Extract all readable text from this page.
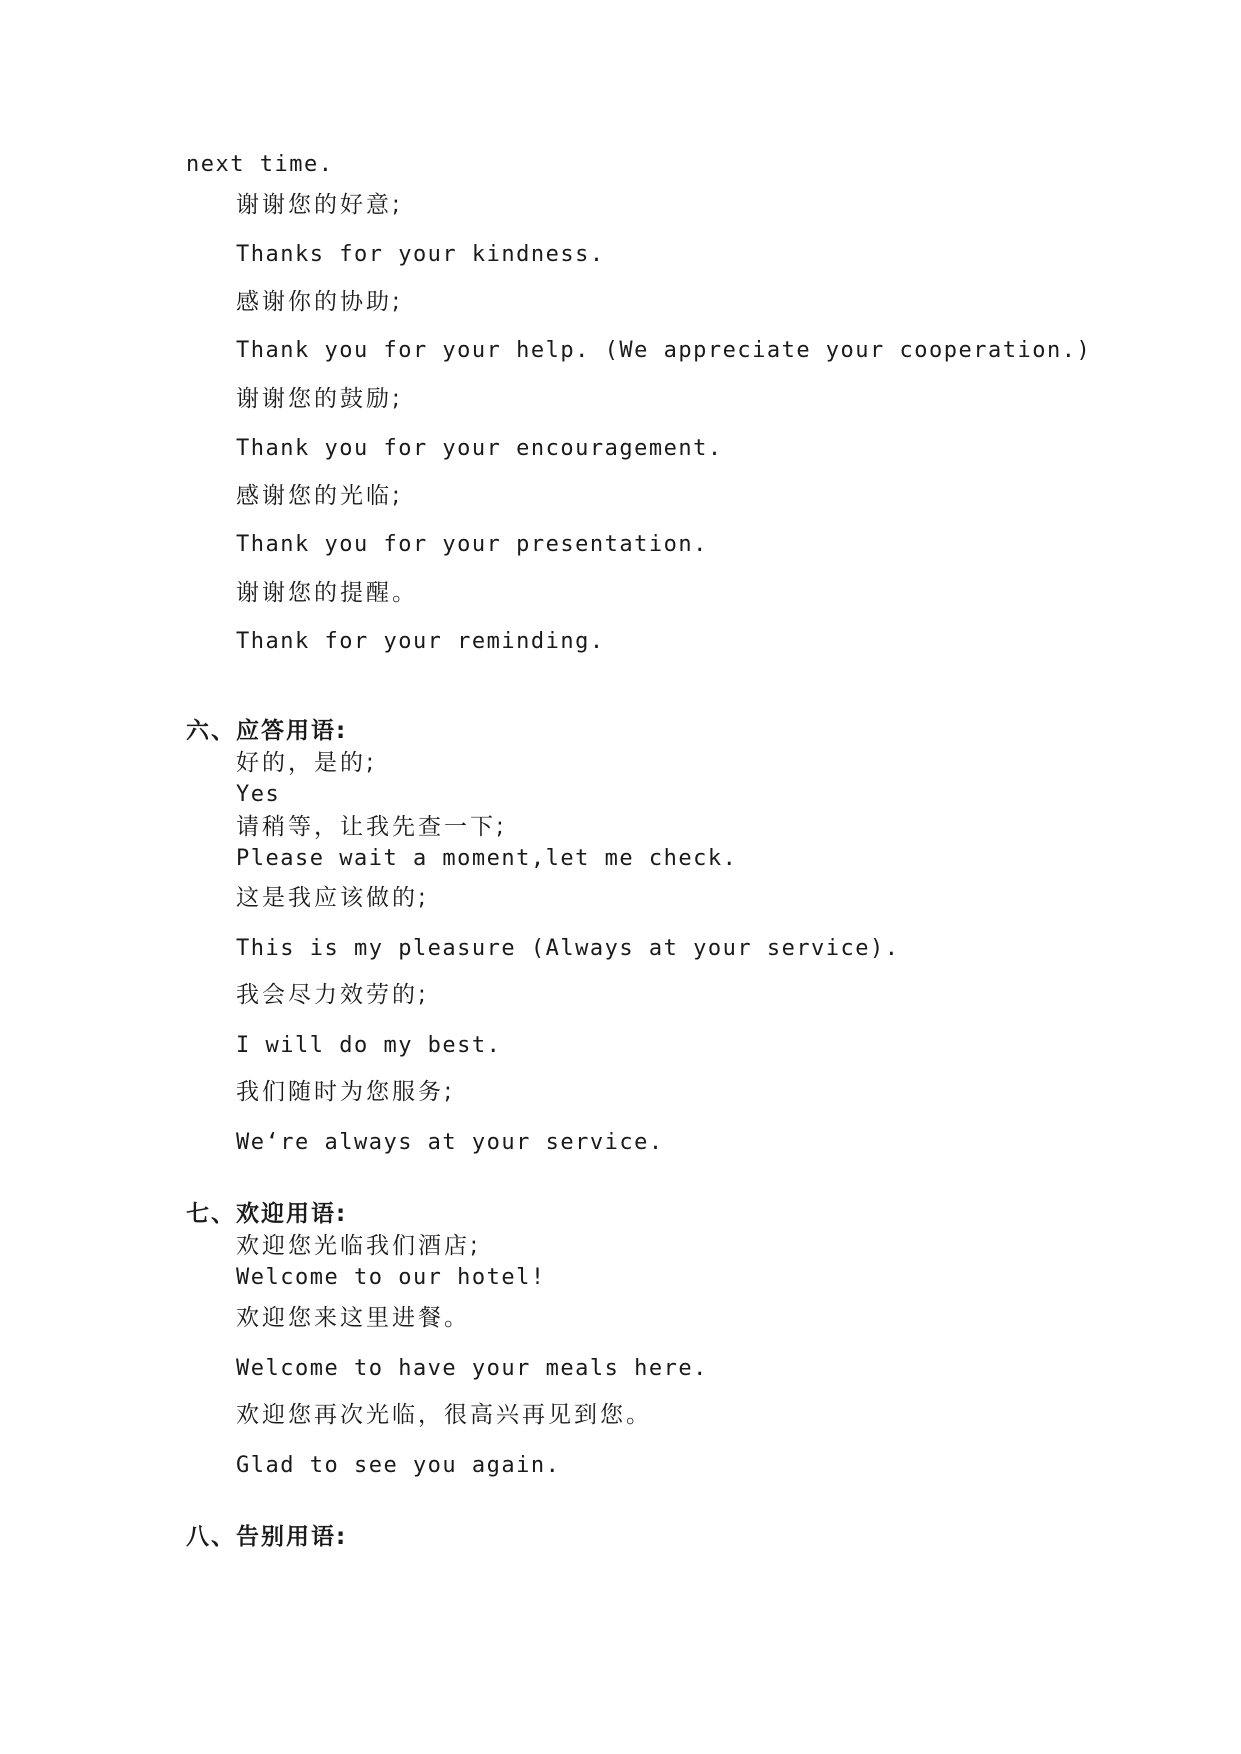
next time.
谢谢您的好意;
Thanks for your kindness.
感谢你的协助;
Thank you for your help. (We appreciate your cooperation.)
谢谢您的鼓励;
Thank you for your encouragement.
感谢您的光临;
Thank you for your presentation.
谢谢您的提醒。
Thank for your reminding.
六、应答用语:
好的，是的;
Yes
请稍等，让我先查一下;
Please wait a moment,let me check.
这是我应该做的;
This is my pleasure (Always at your service).
我会尽力效劳的;
I will do my best.
我们随时为您服务;
We‘re always at your service.
七、欢迎用语:
欢迎您光临我们酒店;
Welcome to our hotel!
欢迎您来这里进餐。
Welcome to have your meals here.
欢迎您再次光临，很高兴再见到您。
Glad to see you again.
八、告别用语:
